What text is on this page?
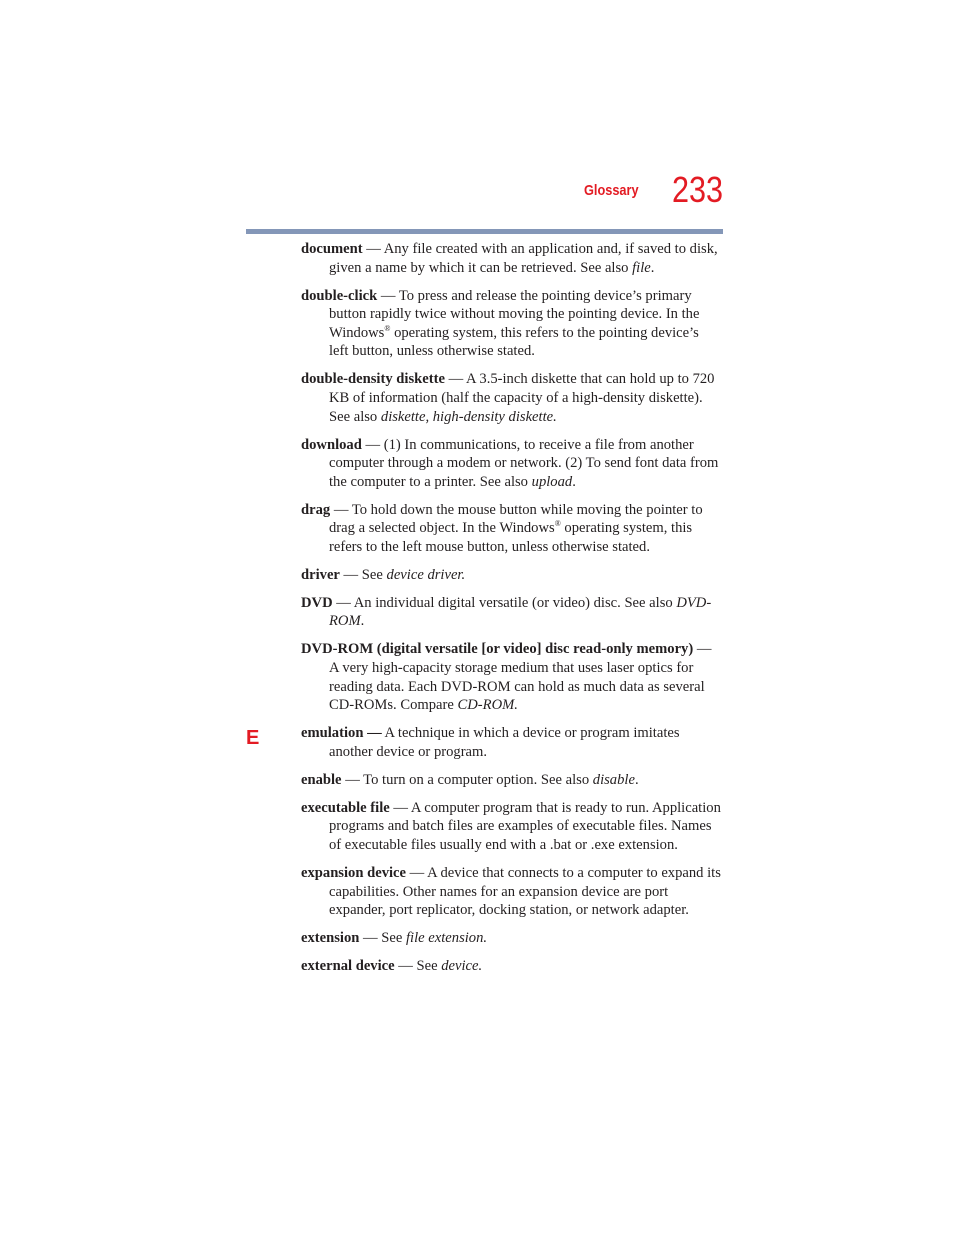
Glossary 233
E

document — Any file created with an application and, if saved to disk, given a name by which it can be retrieved. See also file.

double-click — To press and release the pointing device’s primary button rapidly twice without moving the pointing device. In the Windows® operating system, this refers to the pointing device’s left button, unless otherwise stated.

double-density diskette — A 3.5-inch diskette that can hold up to 720 KB of information (half the capacity of a high-density diskette). See also diskette, high-density diskette.

download — (1) In communications, to receive a file from another computer through a modem or network. (2) To send font data from the computer to a printer. See also upload.

drag — To hold down the mouse button while moving the pointer to drag a selected object. In the Windows® operating system, this refers to the left mouse button, unless otherwise stated.

driver — See device driver.

DVD — An individual digital versatile (or video) disc. See also DVD-ROM.

DVD-ROM (digital versatile [or video] disc read-only memory) — A very high-capacity storage medium that uses laser optics for reading data. Each DVD-ROM can hold as much data as several CD-ROMs. Compare CD-ROM.

emulation — A technique in which a device or program imitates another device or program.

enable — To turn on a computer option. See also disable.

executable file — A computer program that is ready to run. Application programs and batch files are examples of executable files. Names of executable files usually end with a .bat or .exe extension.

expansion device — A device that connects to a computer to expand its capabilities. Other names for an expansion device are port expander, port replicator, docking station, or network adapter.

extension — See file extension.

external device — See device.
